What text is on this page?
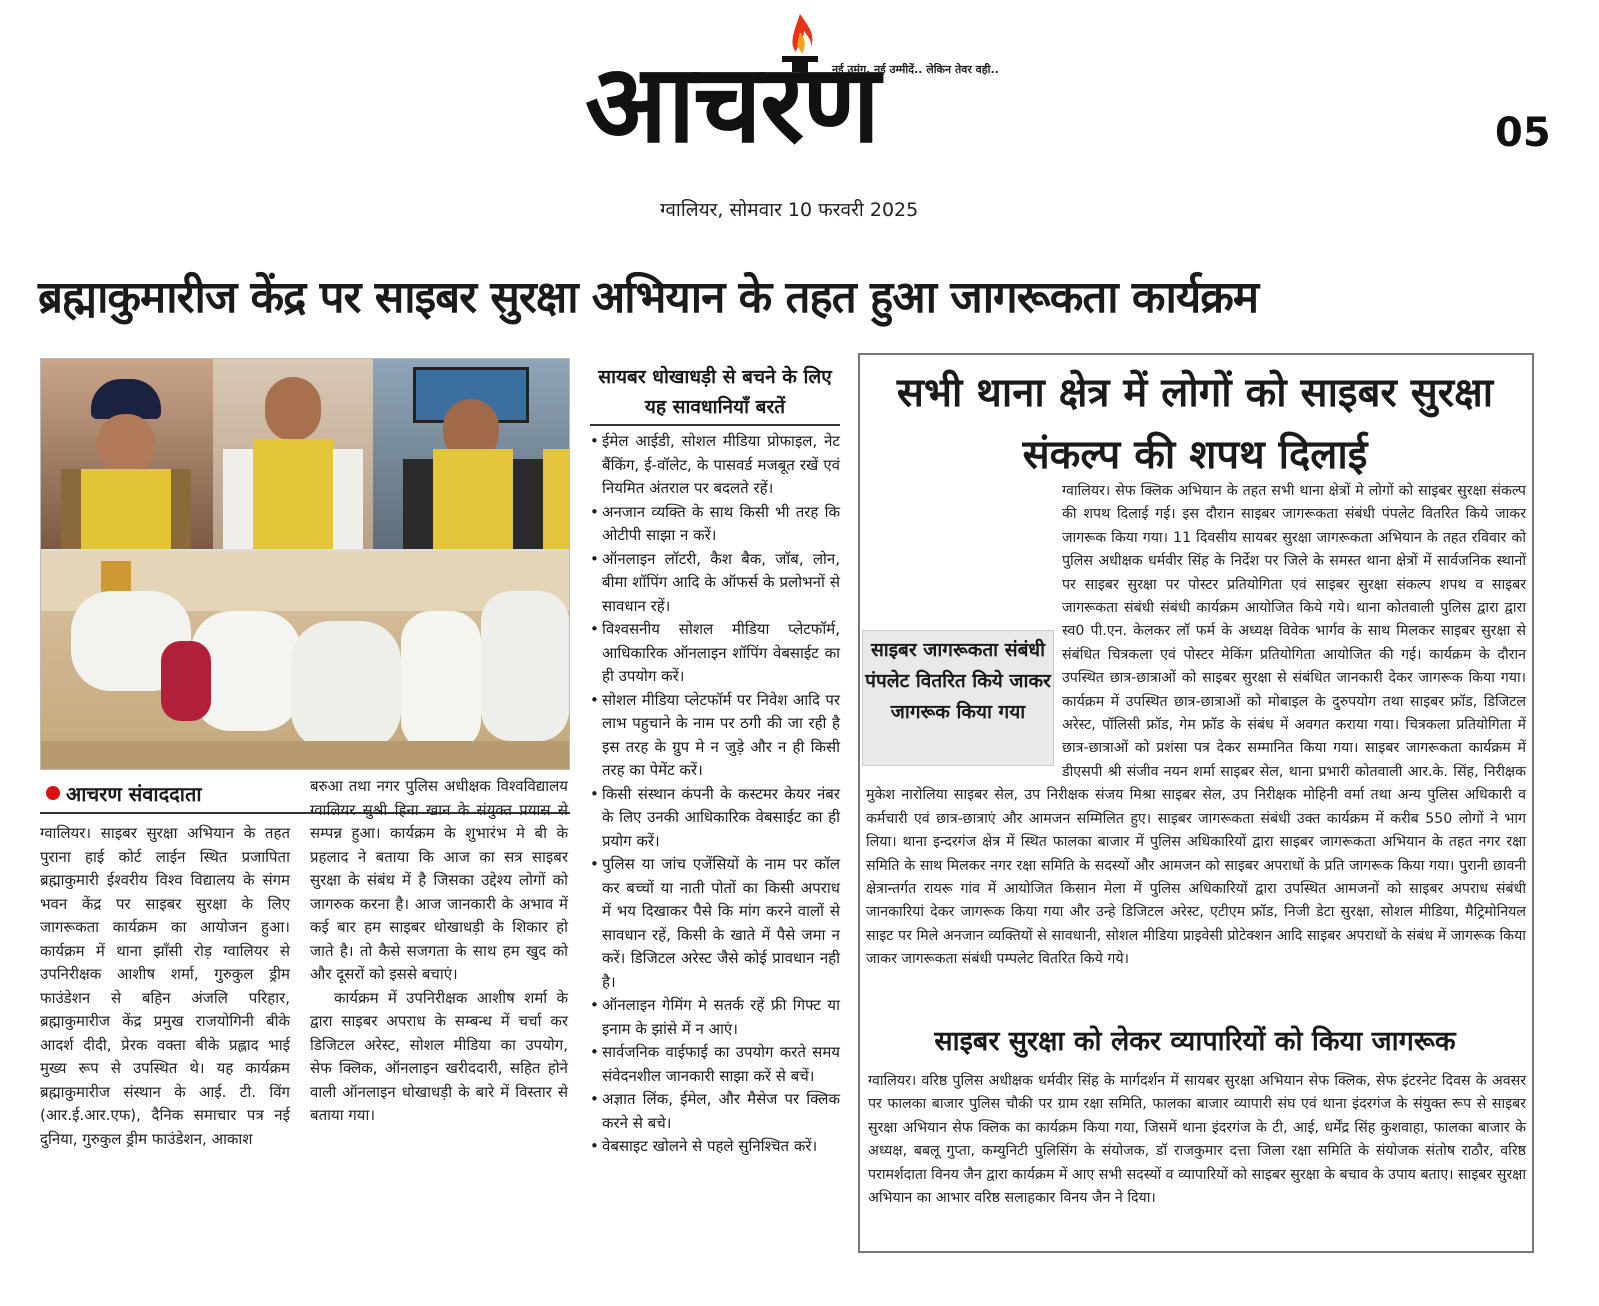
आचरण
नई उमंग, नई उम्मीदें.. लेकिन तेवर वही..
05
ग्वालियर, सोमवार 10 फरवरी 2025
ब्रह्माकुमारीज केंद्र पर साइबर सुरक्षा अभियान के तहत हुआ जागरूकता कार्यक्रम
आचरण संवाददाता

ग्वालियर। साइबर सुरक्षा अभियान के तहत पुराना हाई कोर्ट लाईन स्थित प्रजापिता ब्रह्माकुमारी ईश्वरीय विश्व विद्यालय के संगम भवन केंद्र पर साइबर सुरक्षा के लिए जागरूकता कार्यक्रम का आयोजन हुआ। कार्यक्रम में थाना झाँसी रोड़ ग्वालियर से उपनिरीक्षक आशीष शर्मा, गुरुकुल ड्रीम फाउंडेशन से बहिन अंजलि परिहार, ब्रह्माकुमारीज केंद्र प्रमुख राजयोगिनी बीके आदर्श दीदी, प्रेरक वक्ता बीके प्रह्लाद भाई मुख्य रूप से उपस्थित थे। यह कार्यक्रम ब्रह्माकुमारीज संस्थान के आई. टी. विंग (आर.ई.आर.एफ), दैनिक समाचार पत्र नई दुनिया, गुरुकुल ड्रीम फाउंडेशन, आकाश

बरुआ तथा नगर पुलिस अधीक्षक विश्वविद्यालय ग्वालियर सुश्री हिना खान के संयुक्त प्रयास से सम्पन्न हुआ। कार्यक्रम के शुभारंभ मे बी के प्रहलाद ने बताया कि आज का सत्र साइबर सुरक्षा के संबंध में है जिसका उद्देश्य लोगों को जागरुक करना है। आज जानकारी के अभाव में कई बार हम साइबर धोखाधड़ी के शिकार हो जाते है। तो कैसे सजगता के साथ हम खुद को और दूसरों को इससे बचाएं।

कार्यक्रम में उपनिरीक्षक आशीष शर्मा के द्वारा साइबर अपराध के सम्बन्ध में चर्चा कर डिजिटल अरेस्ट, सोशल मीडिया का उपयोग, सेफ क्लिक, ऑनलाइन खरीददारी, सहित होने वाली ऑनलाइन धोखाधड़ी के बारे में विस्तार से बताया गया।

सायबर धोखाधड़ी से बचने के लिए यह सावधानियाँ बरतें
• ईमेल आईडी, सोशल मीडिया प्रोफाइल, नेट बैंकिंग, ई-वॉलेट, के पासवर्ड मजबूत रखें एवं नियमित अंतराल पर बदलते रहें।
• अनजान व्यक्ति के साथ किसी भी तरह कि ओटीपी साझा न करें।
• ऑनलाइन लॉटरी, कैश बैक, जॉब, लोन, बीमा शॉपिंग आदि के ऑफर्स के प्रलोभनों से सावधान रहें।
• विश्वसनीय सोशल मीडिया प्लेटफॉर्म, आधिकारिक ऑनलाइन शॉपिंग वेबसाईट का ही उपयोग करें।
• सोशल मीडिया प्लेटफॉर्म पर निवेश आदि पर लाभ पहुचाने के नाम पर ठगी की जा रही है इस तरह के ग्रुप मे न जुड़े और न ही किसी तरह का पेमेंट करें।
• किसी संस्थान कंपनी के कस्टमर केयर नंबर के लिए उनकी आधिकारिक वेबसाईट का ही प्रयोग करें।
• पुलिस या जांच एजेंसियों के नाम पर कॉल कर बच्चों या नाती पोतों का किसी अपराध में भय दिखाकर पैसे कि मांग करने वालों से सावधान रहें, किसी के खाते में पैसे जमा न करें। डिजिटल अरेस्ट जैसे कोई प्रावधान नही है।
• ऑनलाइन गेमिंग मे सतर्क रहें फ्री गिफ्ट या इनाम के झांसे में न आएं।
• सार्वजनिक वाईफाई का उपयोग करते समय संवेदनशील जानकारी साझा करें से बचें।
• अज्ञात लिंक, ईमेल, और मैसेज पर क्लिक करने से बचे।
• वेबसाइट खोलने से पहले सुनिश्चित करें।
सभी थाना क्षेत्र में लोगों को साइबर सुरक्षा संकल्प की शपथ दिलाई
ग्वालियर। सेफ क्लिक अभियान के तहत सभी थाना क्षेत्रों मे लोगों को साइबर सुरक्षा संकल्प की शपथ दिलाई गई। इस दौरान साइबर जागरूकता संबंधी पंपलेट वितरित किये जाकर जागरूक किया गया। 11 दिवसीय सायबर सुरक्षा जागरूकता अभियान के तहत रविवार को पुलिस अधीक्षक धर्मवीर सिंह के निर्देश पर जिले के समस्त थाना क्षेत्रों में सार्वजनिक स्थानों पर साइबर सुरक्षा पर पोस्टर प्रतियोगिता एवं साइबर सुरक्षा संकल्प शपथ व साइबर जागरूकता संबंधी संबंधी कार्यक्रम आयोजित किये गये। थाना कोतवाली पुलिस द्वारा द्वारा स्व0 पी.एन. केलकर लॉ फर्म के अध्यक्ष विवेक भार्गव के साथ मिलकर साइबर सुरक्षा से संबंधित चित्रकला एवं पोस्टर मेकिंग प्रतियोगिता आयोजित की गई। कार्यक्रम के दौरान उपस्थित छात्र-छात्राओं को साइबर सुरक्षा से संबंधित जानकारी देकर जागरूक किया गया। कार्यक्रम में उपस्थित छात्र-छात्राओं को मोबाइल के दुरुपयोग तथा साइबर फ्रॉड, डिजिटल अरेस्ट, पॉलिसी फ्रॉड, गेम फ्रॉड के संबंध में अवगत कराया गया। चित्रकला प्रतियोगिता में छात्र-छात्राओं को प्रशंसा पत्र देकर सम्मानित किया गया। साइबर जागरूकता कार्यक्रम में डीएसपी श्री संजीव नयन शर्मा साइबर सेल, थाना प्रभारी कोतवाली आर.के. सिंह, निरीक्षक मुकेश नारोलिया साइबर सेल, उप निरीक्षक संजय मिश्रा साइबर सेल, उप निरीक्षक मोहिनी वर्मा तथा अन्य पुलिस अधिकारी व कर्मचारी एवं छात्र-छात्राएं और आमजन सम्मिलित हुए। साइबर जागरूकता संबंधी उक्त कार्यक्रम में करीब 550 लोगों ने भाग लिया। थाना इन्दरगंज क्षेत्र में स्थित फालका बाजार में पुलिस अधिकारियों द्वारा साइबर जागरूकता अभियान के तहत नगर रक्षा समिति के साथ मिलकर नगर रक्षा समिति के सदस्यों और आमजन को साइबर अपराधों के प्रति जागरूक किया गया। पुरानी छावनी क्षेत्रान्तर्गत रायरू गांव में आयोजित किसान मेला में पुलिस अधिकारियों द्वारा उपस्थित आमजनों को साइबर अपराध संबंधी जानकारियां देकर जागरूक किया गया और उन्हे डिजिटल अरेस्ट, एटीएम फ्रॉड, निजी डेटा सुरक्षा, सोशल मीडिया, मैट्रिमोनियल साइट पर मिले अनजान व्यक्तियों से सावधानी, सोशल मीडिया प्राइवेसी प्रोटेक्शन आदि साइबर अपराधों के संबंध में जागरूक किया जाकर जागरूकता संबंधी पम्पलेट वितरित किये गये।
साइबर जागरूकता संबंधी पंपलेट वितरित किये जाकर जागरूक किया गया
साइबर सुरक्षा को लेकर व्यापारियों को किया जागरूक
ग्वालियर। वरिष्ठ पुलिस अधीक्षक धर्मवीर सिंह के मार्गदर्शन में सायबर सुरक्षा अभियान सेफ क्लिक, सेफ इंटरनेट दिवस के अवसर पर फालका बाजार पुलिस चौकी पर ग्राम रक्षा समिति, फालका बाजार व्यापारी संघ एवं थाना इंदरगंज के संयुक्त रूप से साइबर सुरक्षा अभियान सेफ क्लिक का कार्यक्रम किया गया, जिसमें थाना इंदरगंज के टी, आई, धर्मेंद्र सिंह कुशवाहा, फालका बाजार के अध्यक्ष, बबलू गुप्ता, कम्युनिटी पुलिसिंग के संयोजक, डॉ राजकुमार दत्ता जिला रक्षा समिति के संयोजक संतोष राठौर, वरिष्ठ परामर्शदाता विनय जैन द्वारा कार्यक्रम में आए सभी सदस्यों व व्यापारियों को साइबर सुरक्षा के बचाव के उपाय बताए। साइबर सुरक्षा अभियान का आभार वरिष्ठ सलाहकार विनय जैन ने दिया।
